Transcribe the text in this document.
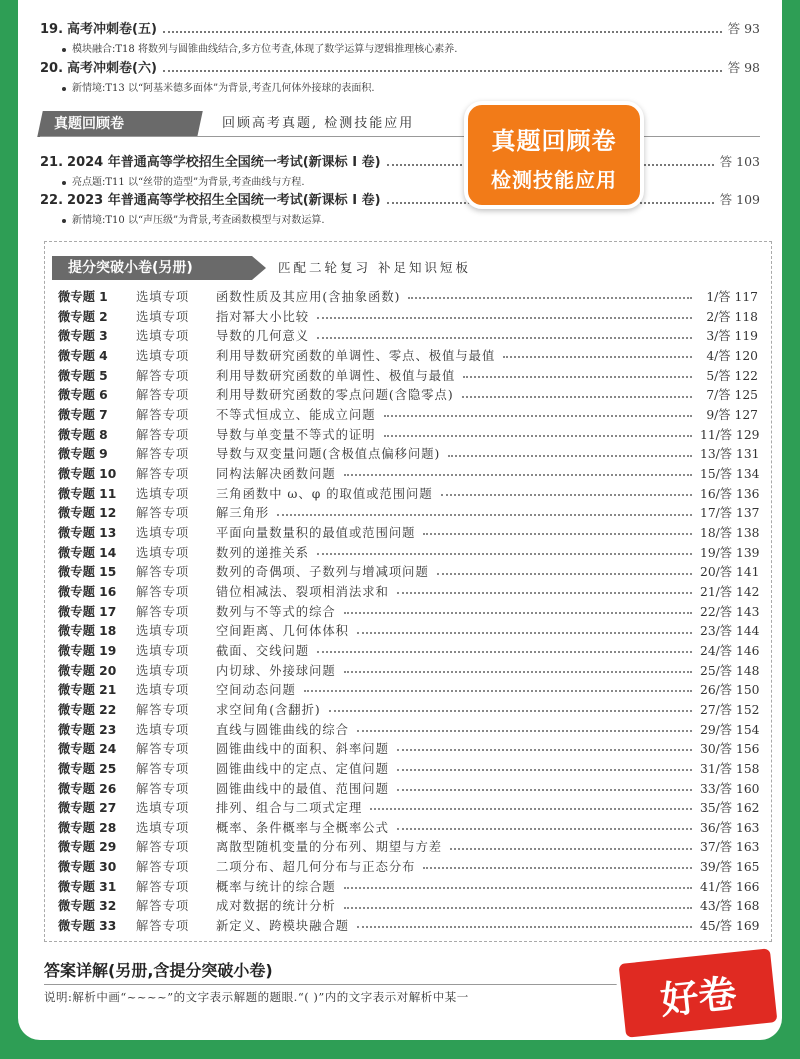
19. 高考冲刺卷(五)	答 93
模块融合:T18 将数列与圆锥曲线结合,多方位考查,体现了数学运算与逻辑推理核心素养.
20. 高考冲刺卷(六)	答 98
新情境:T13 以“阿基米德多面体”为背景,考查几何体外接球的表面积.
真题回顾卷	回顾高考真题, 检测技能应用
21. 2024 年普通高等学校招生全国统一考试(新课标 I 卷)	答 103
亮点题:T11 以“丝带的造型”为背景,考查曲线与方程.
22. 2023 年普通高等学校招生全国统一考试(新课标 I 卷)	答 109
新情境:T10 以“声压级”为背景,考查函数模型与对数运算.
真题回顾卷
检测技能应用
提分突破小卷(另册)	匹配二轮复习 补足知识短板
微专题 1	选填专项	函数性质及其应用(含抽象函数)	1/答 117
微专题 2	选填专项	指对幂大小比较	2/答 118
微专题 3	选填专项	导数的几何意义	3/答 119
微专题 4	选填专项	利用导数研究函数的单调性、零点、极值与最值	4/答 120
微专题 5	解答专项	利用导数研究函数的单调性、极值与最值	5/答 122
微专题 6	解答专项	利用导数研究函数的零点问题(含隐零点)	7/答 125
微专题 7	解答专项	不等式恒成立、能成立问题	9/答 127
微专题 8	解答专项	导数与单变量不等式的证明	11/答 129
微专题 9	解答专项	导数与双变量问题(含极值点偏移问题)	13/答 131
微专题 10	解答专项	同构法解决函数问题	15/答 134
微专题 11	选填专项	三角函数中 ω、φ 的取值或范围问题	16/答 136
微专题 12	解答专项	解三角形	17/答 137
微专题 13	选填专项	平面向量数量积的最值或范围问题	18/答 138
微专题 14	选填专项	数列的递推关系	19/答 139
微专题 15	解答专项	数列的奇偶项、子数列与增减项问题	20/答 141
微专题 16	解答专项	错位相减法、裂项相消法求和	21/答 142
微专题 17	解答专项	数列与不等式的综合	22/答 143
微专题 18	选填专项	空间距离、几何体体积	23/答 144
微专题 19	选填专项	截面、交线问题	24/答 146
微专题 20	选填专项	内切球、外接球问题	25/答 148
微专题 21	选填专项	空间动态问题	26/答 150
微专题 22	解答专项	求空间角(含翻折)	27/答 152
微专题 23	选填专项	直线与圆锥曲线的综合	29/答 154
微专题 24	解答专项	圆锥曲线中的面积、斜率问题	30/答 156
微专题 25	解答专项	圆锥曲线中的定点、定值问题	31/答 158
微专题 26	解答专项	圆锥曲线中的最值、范围问题	33/答 160
微专题 27	选填专项	排列、组合与二项式定理	35/答 162
微专题 28	选填专项	概率、条件概率与全概率公式	36/答 163
微专题 29	解答专项	离散型随机变量的分布列、期望与方差	37/答 163
微专题 30	解答专项	二项分布、超几何分布与正态分布	39/答 165
微专题 31	解答专项	概率与统计的综合题	41/答 166
微专题 32	解答专项	成对数据的统计分析	43/答 168
微专题 33	解答专项	新定义、跨模块融合题	45/答 169
答案详解(另册,含提分突破小卷)
说明:解析中画“~~~~”的文字表示解题的题眼.“( )”内的文字表示对解析中某一	好卷
